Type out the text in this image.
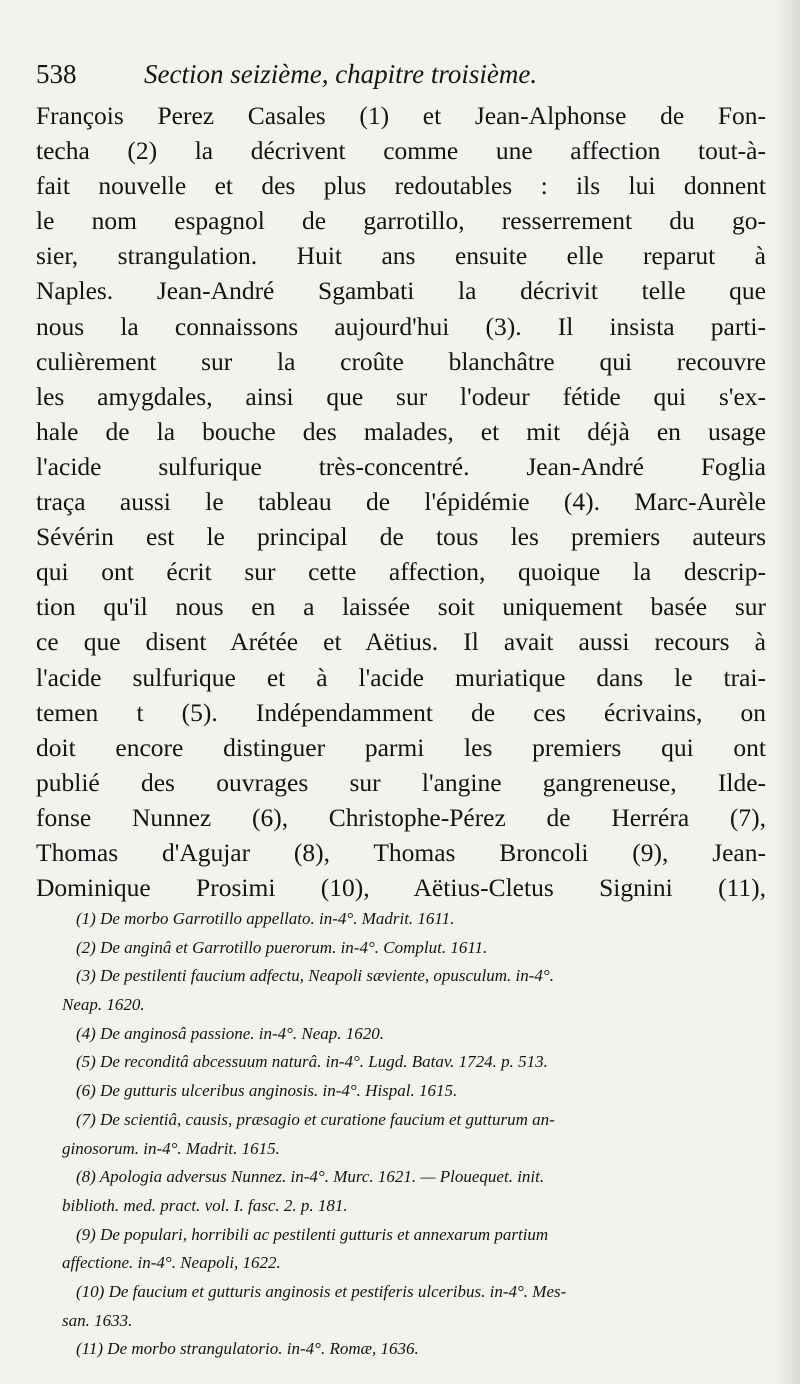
538	Section seizième, chapitre troisième.
François Perez Casales (1) et Jean-Alphonse de Fon-
techa (2) la décrivent comme une affection tout-à-
fait nouvelle et des plus redoutables : ils lui donnent
le nom espagnol de garrotillo, resserrement du go-
sier, strangulation. Huit ans ensuite elle reparut à
Naples. Jean-André Sgambati la décrivit telle que
nous la connaissons aujourd'hui (3). Il insista parti-
culièrement sur la croûte blanchâtre qui recouvre
les amygdales, ainsi que sur l'odeur fétide qui s'ex-
hale de la bouche des malades, et mit déjà en usage
l'acide sulfurique très-concentré. Jean-André Foglia
traça aussi le tableau de l'épidémie (4). Marc-Aurèle
Sévérin est le principal de tous les premiers auteurs
qui ont écrit sur cette affection, quoique la descrip-
tion qu'il nous en a laissée soit uniquement basée sur
ce que disent Arétée et Aëtius. Il avait aussi recours à
l'acide sulfurique et à l'acide muriatique dans le trai-
temen t (5). Indépendamment de ces écrivains, on
doit encore distinguer parmi les premiers qui ont
publié des ouvrages sur l'angine gangreneuse, Ilde-
fonse Nunnez (6), Christophe-Pérez de Herréra (7),
Thomas d'Agujar (8), Thomas Broncoli (9), Jean-
Dominique Prosimi (10), Aëtius-Cletus Signini (11),
(1) De morbo Garrotillo appellato. in-4°. Madrit. 1611.
(2) De anginâ et Garrotillo puerorum. in-4°. Complut. 1611.
(3) De pestilenti faucium adfectu, Neapoli sæviente, opusculum. in-4°.
Neap. 1620.
(4) De anginosâ passione. in-4°. Neap. 1620.
(5) De reconditâ abcessuum naturâ. in-4°. Lugd. Batav. 1724. p. 513.
(6) De gutturis ulceribus anginosis. in-4°. Hispal. 1615.
(7) De scientiâ, causis, præsagio et curatione faucium et gutturum an-
ginosorum. in-4°. Madrit. 1615.
(8) Apologia adversus Nunnez. in-4°. Murc. 1621. — Plouequet. init.
biblioth. med. pract. vol. I. fasc. 2. p. 181.
(9) De populari, horribili ac pestilenti gutturis et annexarum partium
affectione. in-4°. Neapoli, 1622.
(10) De faucium et gutturis anginosis et pestiferis ulceribus. in-4°. Mes-
san. 1633.
(11) De morbo strangulatorio. in-4°. Romæ, 1636.
